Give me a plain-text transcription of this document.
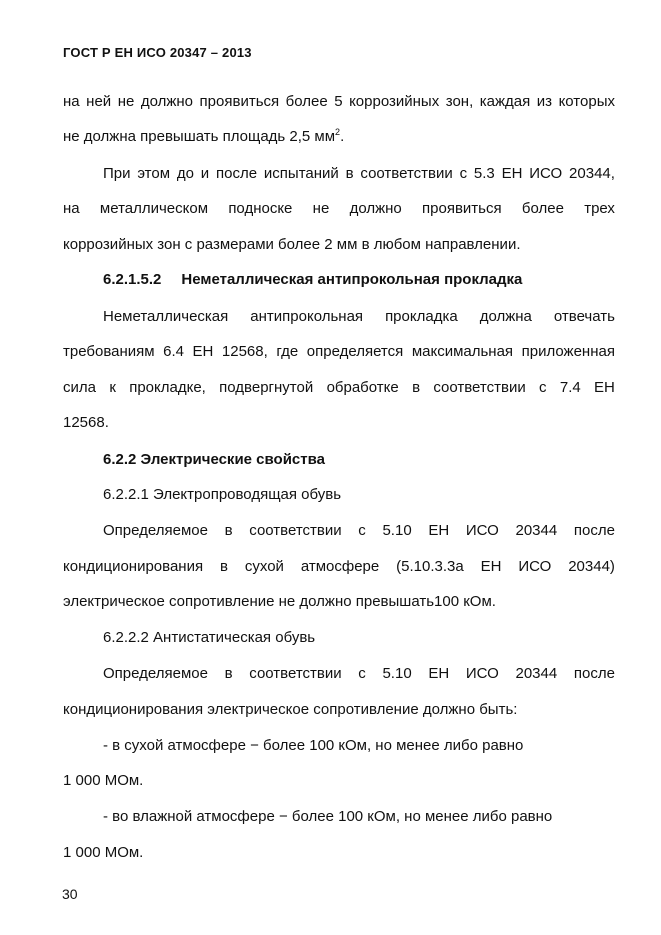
ГОСТ Р ЕН ИСО 20347 – 2013
на ней не должно проявиться более 5 коррозийных зон, каждая из которых
не должна превышать площадь 2,5 $мм^2$.
При этом до и после испытаний в соответствии с 5.3 ЕН ИСО 20344,
на металлическом подноске не должно проявиться более трех
коррозийных зон с размерами более 2 мм в любом направлении.
6.2.1.5.2 Неметаллическая антипрокольная прокладка
Неметаллическая антипрокольная прокладка должна отвечать
требованиям 6.4 ЕН 12568, где определяется максимальная приложенная
сила к прокладке, подвергнутой обработке в соответствии с 7.4 ЕН
12568.
6.2.2 Электрические свойства
6.2.2.1 Электропроводящая обувь
Определяемое в соответствии с 5.10 ЕН ИСО 20344 после
кондиционирования в сухой атмосфере (5.10.3.3а ЕН ИСО 20344)
электрическое сопротивление не должно превышать100 кОм.
6.2.2.2 Антистатическая обувь
Определяемое в соответствии с 5.10 ЕН ИСО 20344 после
кондиционирования электрическое сопротивление должно быть:
- в сухой атмосфере − более 100 кОм, но менее либо равно
1 000 МОм.
- во влажной атмосфере − более 100 кОм, но менее либо равно
1 000 МОм.
30
